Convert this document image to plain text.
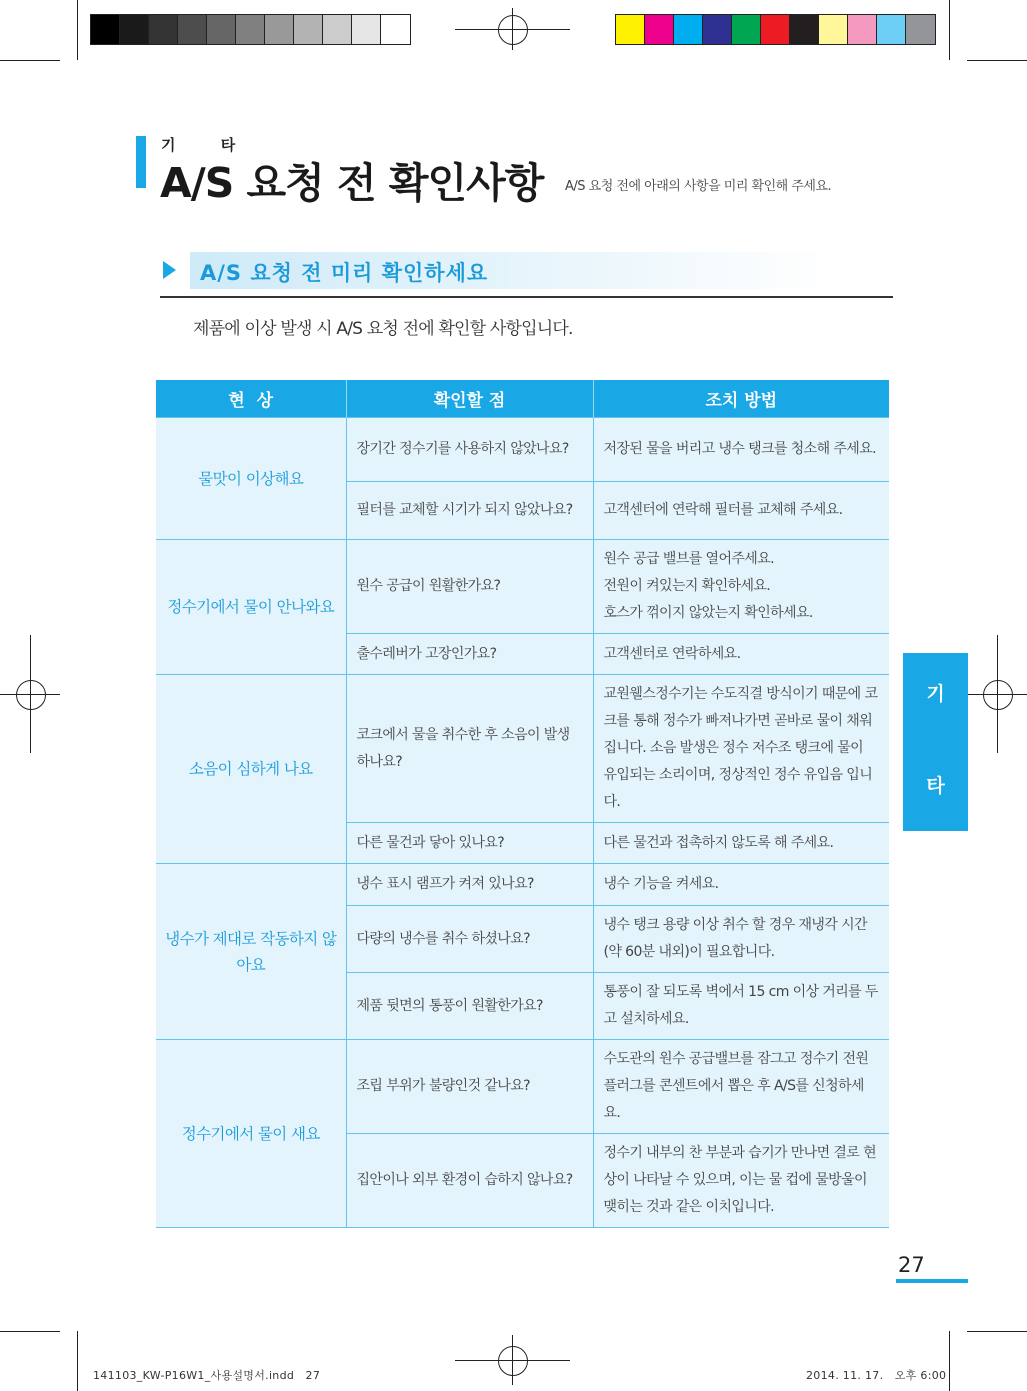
기 타
A/S 요청 전 확인사항 A/S 요청 전에 아래의 사항을 미리 확인해 주세요.
A/S 요청 전 미리 확인하세요
제품에 이상 발생 시 A/S 요청 전에 확인할 사항입니다.
현  상	확인할 점	조치 방법
물맛이 이상해요	장기간 정수기를 사용하지 않았나요?	저장된 물을 버리고 냉수 탱크를 청소해 주세요.

	필터를 교체할 시기가 되지 않았나요?	고객센터에 연락해 필터를 교체해 주세요.

정수기에서 물이 안나와요	원수 공급이 원활한가요?	원수 공급 밸브를 열어주세요.
전원이 켜있는지 확인하세요.
호스가 꺾이지 않았는지 확인하세요.

	출수레버가 고장인가요?	고객센터로 연락하세요.

소음이 심하게 나요	코크에서 물을 취수한 후 소음이 발생하나요?	교원웰스정수기는 수도직결 방식이기 때문에 코크를 통해 정수가 빠져나가면 곧바로 물이 채워집니다. 소음 발생은 정수 저수조 탱크에 물이 유입되는 소리이며, 정상적인 정수 유입음 입니다.

	다른 물건과 닿아 있나요?	다른 물건과 접촉하지 않도록 해 주세요.

냉수가 제대로 작동하지 않아요	냉수 표시 램프가 켜져 있나요?	냉수 기능을 켜세요.

	다량의 냉수를 취수 하셨나요?	냉수 탱크 용량 이상 취수 할 경우 재냉각 시간(약 60분 내외)이 필요합니다.

	제품 뒷면의 통풍이 원활한가요?	통풍이 잘 되도록 벽에서 15 cm 이상 거리를 두고 설치하세요.

정수기에서 물이 새요	조립 부위가 불량인것 같나요?	수도관의 원수 공급밸브를 잠그고 정수기 전원플러그를 콘센트에서 뽑은 후 A/S를 신청하세요.

	집안이나 외부 환경이 습하지 않나요?	정수기 내부의 찬 부분과 습기가 만나면 결로 현상이 나타날 수 있으며, 이는 물 컵에 물방울이 맺히는 것과 같은 이치입니다.
기
타
27
141103_KW-P16W1_사용설명서.indd   27	2014. 11. 17.   오후 6:00
